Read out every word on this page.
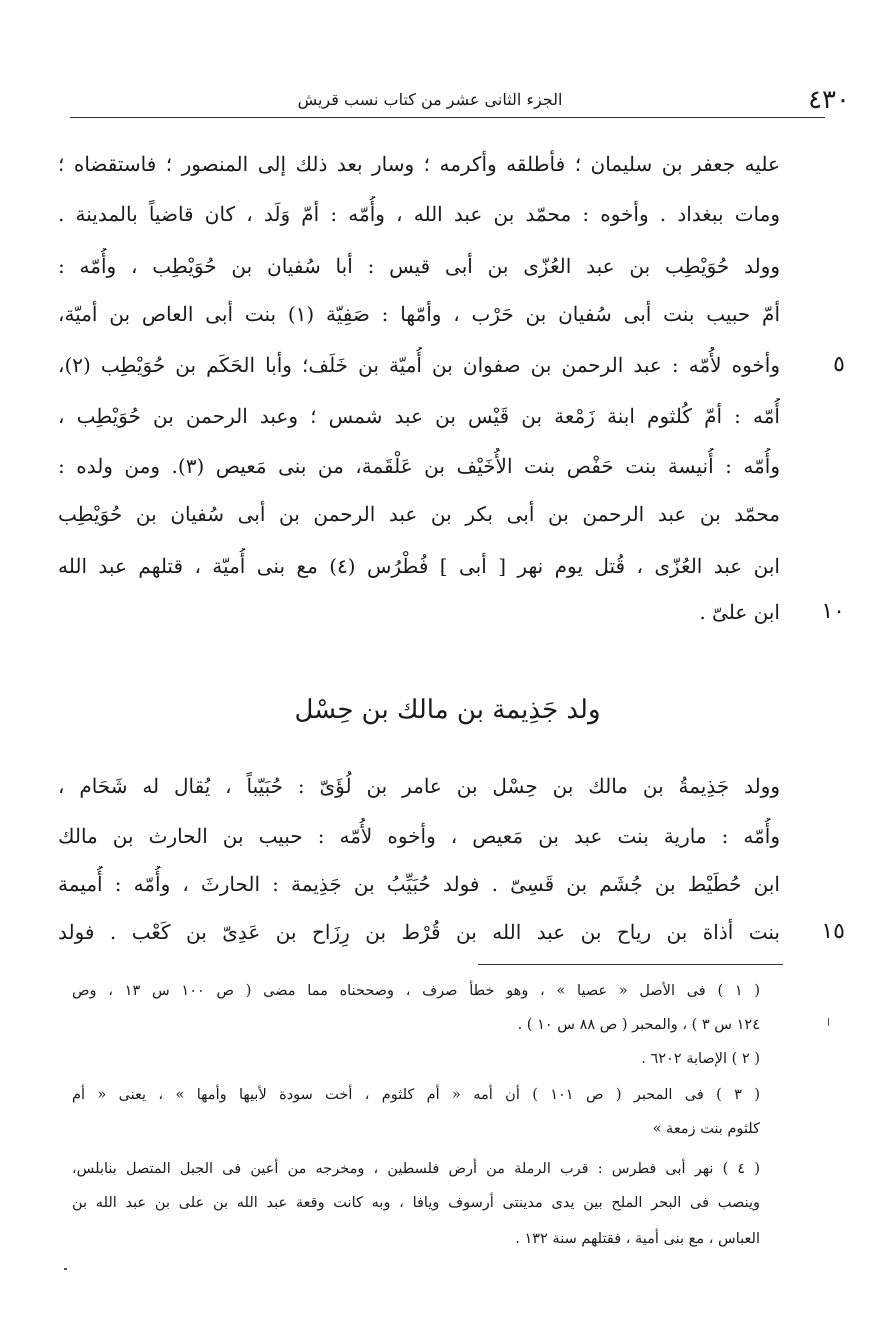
٤٣٠
الجزء الثانى عشر من كتاب نسب قريش
عليه جعفر بن سليمان ؛ فأطلقه وأكرمه ؛ وسار بعد ذلك إلى المنصور ؛ فاستقضاه ؛
ومات ببغداد . وأخوه : محمّد بن عبد الله ، وأُمّه : أمّ وَلَد ، كان قاضياً بالمدينة .
وولد حُوَيْطِب بن عبد العُزّى بن أبى قيس : أبا سُفيان بن حُوَيْطِب ، وأُمّه :
أمّ حبيب بنت أبى سُفيان بن حَرْب ، وأمّها : صَفِيّة (١) بنت أبى العاص بن أميّة،
وأخوه لأُمّه : عبد الرحمن بن صفوان بن أُميّة بن خَلَف؛ وأبا الحَكَم بن حُوَيْطِب (٢)،	٥
أُمّه : أمّ كُلثوم ابنة زَمْعة بن قَيْس بن عبد شمس ؛ وعبد الرحمن بن حُوَيْطِب ،
وأُمّه : أُنيسة بنت حَفْص بنت الأُخَيْف بن عَلْقَمة، من بنى مَعيص (٣). ومن ولده :
محمّد بن عبد الرحمن بن أبى بكر بن عبد الرحمن بن أبى سُفيان بن حُوَيْطِب
ابن عبد العُزّى ، قُتل يوم نهر [ أبى ] فُطْرُس (٤) مع بنى أُميّة ، قتلهم عبد الله
ابن علىّ .	١٠
ولد جَذِيمة بن مالك بن حِسْل
وولد جَذِيمةُ بن مالك بن حِسْل بن عامر بن لُؤَىّ : حُبَيّباً ، يُقال له شَحَام ،
وأُمّه : مارية بنت عبد بن مَعيص ، وأخوه لأُمّه : حبيب بن الحارث بن مالك
ابن حُطَيْط بن جُشَم بن قَسِىّ . فولد حُبَيِّبُ بن جَذِيمة : الحارثَ ، وأُمّه : أُميمة
بنت أذاة بن رياح بن عبد الله بن قُرْط بن رِزَاح بن عَدِىّ بن كَعْب . فولد	١٥
( ١ ) فى الأصل « عصيا » ، وهو خطأ صرف ، وصححناه مما مضى ( ص ١٠٠ س ١٣ ، وص
١٢٤ س ٣ ) ، والمحبر ( ص ٨٨ س ١٠ ) .
( ٢ ) الإصابة ٦٢٠٢ .
( ٣ ) فى المحبر ( ص ١٠١ ) أن أمه « أم كلثوم ، أخت سودة لأبيها وأمها » ، يعنى « أم
كلثوم بنت زمعة »
( ٤ ) نهر أبى فطرس : قرب الرملة من أرض فلسطين ، ومخرجه من أعين فى الجبل المتصل بنابلس،
وينصب فى البحر الملح بين يدى مدينتى أرسوف ويافا ، وبه كانت وقعة عبد الله بن على بن عبد الله بن
العباس ، مع بنى أمية ، فقتلهم سنة ١٣٢ .
